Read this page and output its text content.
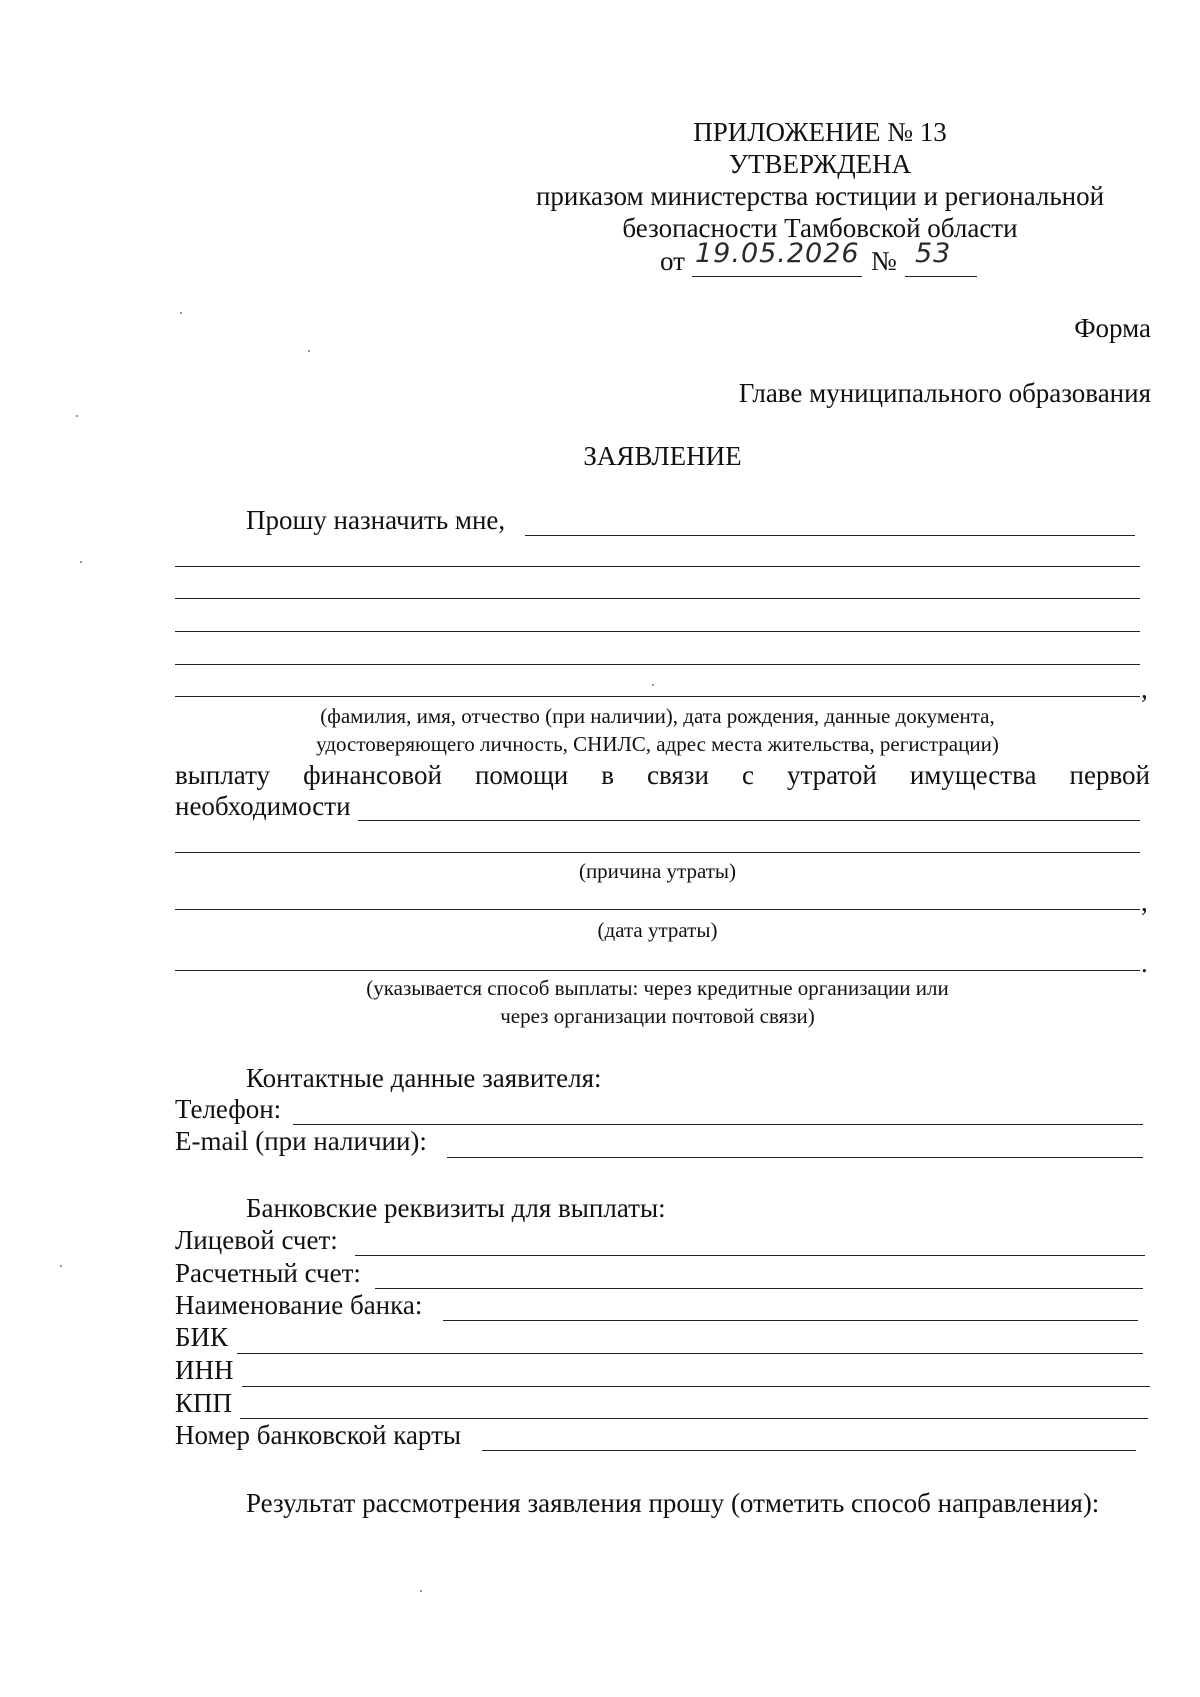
ПРИЛОЖЕНИЕ № 13
УТВЕРЖДЕНА
приказом министерства юстиции и региональной
безопасности Тамбовской области
от 19.05.2026 № 53
Форма
Главе муниципального образования
ЗАЯВЛЕНИЕ
Прошу назначить мне,
,
(фамилия, имя, отчество (при наличии), дата рождения, данные документа,
удостоверяющего личность, СНИЛС, адрес места жительства, регистрации)
выплату финансовой помощи в связи с утратой имущества первой
необходимости
(причина утраты)
,
(дата утраты)
.
(указывается способ выплаты: через кредитные организации или
через организации почтовой связи)
Контактные данные заявителя:
Телефон:
E-mail (при наличии):
Банковские реквизиты для выплаты:
Лицевой счет:
Расчетный счет:
Наименование банка:
БИК
ИНН
КПП
Номер банковской карты
Результат рассмотрения заявления прошу (отметить способ направления):
